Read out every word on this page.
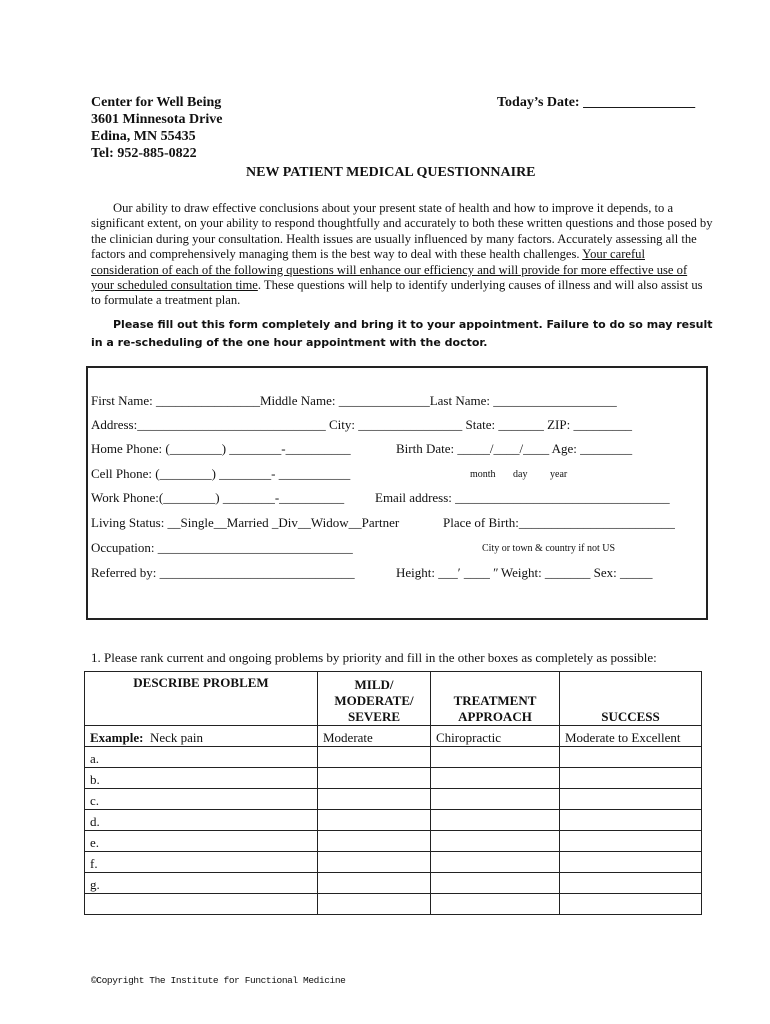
Center for Well Being
3601 Minnesota Drive
Edina, MN 55435
Tel: 952-885-0822
Today’s Date: ________________
NEW PATIENT MEDICAL QUESTIONNAIRE
Our ability to draw effective conclusions about your present state of health and how to improve it depends, to a significant extent, on your ability to respond thoughtfully and accurately to both these written questions and those posed by the clinician during your consultation. Health issues are usually influenced by many factors. Accurately assessing all the factors and comprehensively managing them is the best way to deal with these health challenges. Your careful consideration of each of the following questions will enhance our efficiency and will provide for more effective use of your scheduled consultation time. These questions will help to identify underlying causes of illness and will also assist us to formulate a treatment plan.
Please fill out this form completely and bring it to your appointment. Failure to do so may result in a re-scheduling of the one hour appointment with the doctor.
First Name: ________________Middle Name: ______________Last Name: ___________________
Address:_____________________________ City: ________________ State: _______ ZIP: _________
Home Phone: (________) ________-__________	Birth Date: _____/____/____ Age: ________
Cell Phone: (________) ________- ___________	month day year
Work Phone:(________) ________-__________ Email address: _________________________________
Living Status: __Single__Married _Div__Widow__Partner	Place of Birth:________________________
Occupation: ______________________________	City or town & country if not US
Referred by: ______________________________	Height: ___ʹ ____ ʺ Weight: _______ Sex: _____
1. Please rank current and ongoing problems by priority and fill in the other boxes as completely as possible:
DESCRIBE PROBLEM	MILD/ MODERATE/ SEVERE	TREATMENT APPROACH	SUCCESS
Example: Neck pain	Moderate	Chiropractic	Moderate to Excellent
a.			
b.			
c.			
d.			
e.			
f.			
g.			

©Copyright The Institute for Functional Medicine
